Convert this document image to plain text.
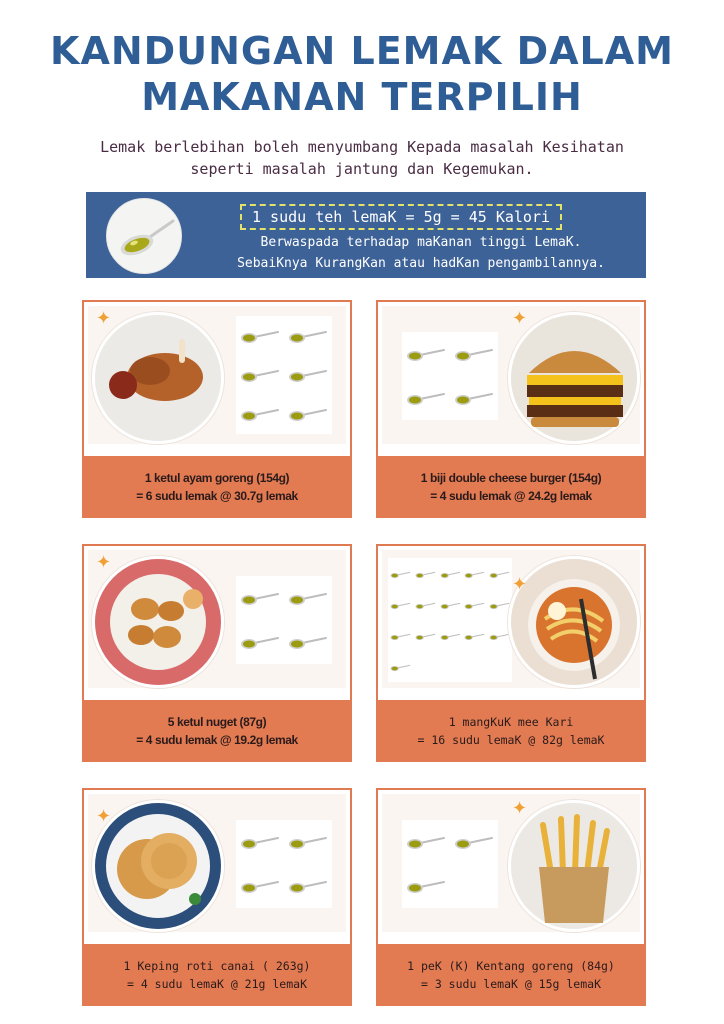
KANDUNGAN LEMAK DALAM
MAKANAN TERPILIH
Lemak berlebihan boleh menyumbang Kepada masalah Kesihatan
seperti masalah jantung dan Kegemukan.
1 sudu teh lemaK = 5g = 45 Kalori
Berwaspada terhadap maKanan tinggi LemaK.
SebaiKnya KurangKan atau hadKan pengambilannya.
✦
1 ketul ayam goreng (154g)
= 6 sudu lemak @ 30.7g lemak
✦
1 biji double cheese burger (154g)
= 4 sudu lemak @ 24.2g lemak
✦
5 ketul nuget (87g)
= 4 sudu lemak @ 19.2g lemak
✦
1 mangKuK mee Kari
= 16 sudu lemaK @ 82g lemaK
✦
1 Keping roti canai ( 263g)
= 4 sudu lemaK @ 21g lemaK
✦
1 peK (K) Kentang goreng (84g)
= 3 sudu lemaK @ 15g lemaK
